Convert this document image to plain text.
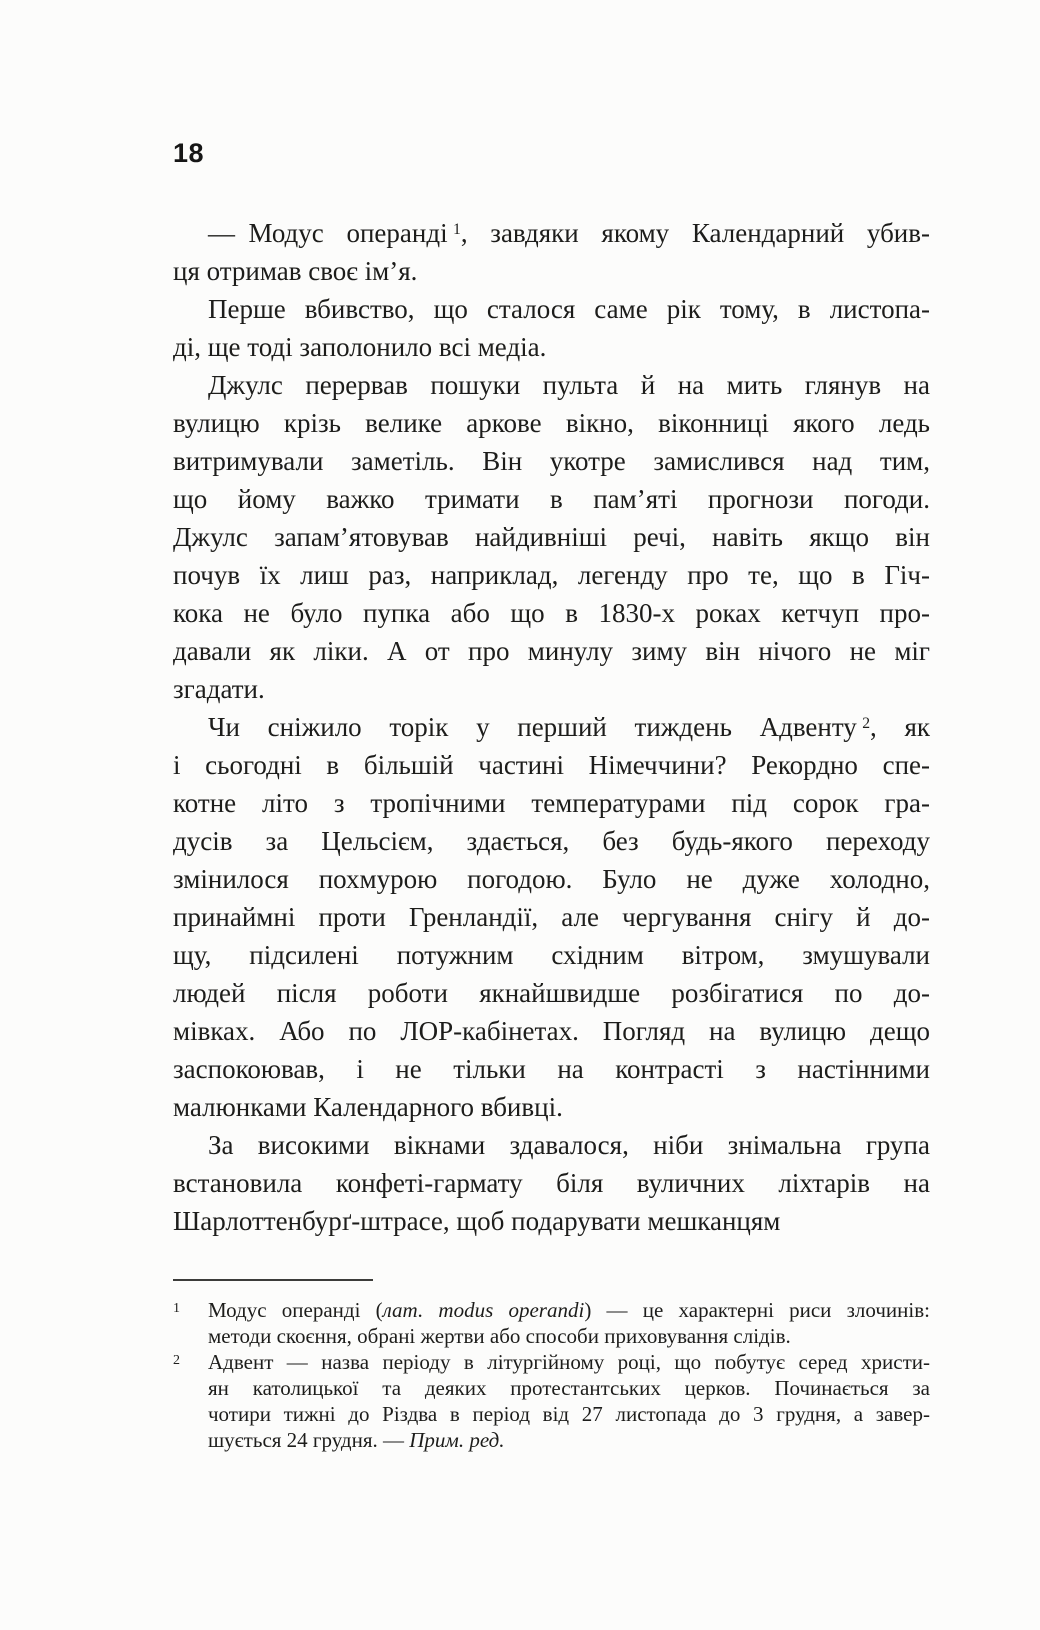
18
— Модус операнді $^1$, завдяки якому Календарний убив-
ця отримав своє ім’я.
Перше вбивство, що сталося саме рік тому, в листопа-
ді, ще тоді заполонило всі медіа.
Джулс перервав пошуки пульта й на мить глянув на
вулицю крізь велике аркове вікно, віконниці якого ледь
витримували заметіль. Він укотре замислився над тим,
що йому важко тримати в пам’яті прогнози погоди.
Джулс запам’ятовував найдивніші речі, навіть якщо він
почув їх лиш раз, наприклад, легенду про те, що в Гіч-
кока не було пупка або що в 1830-х роках кетчуп про-
давали як ліки. А от про минулу зиму він нічого не міг
згадати.
Чи сніжило торік у перший тиждень Адвенту $^2$, як
і сьогодні в більшій частині Німеччини? Рекордно спе-
котне літо з тропічними температурами під сорок гра-
дусів за Цельсієм, здається, без будь-якого переходу
змінилося похмурою погодою. Було не дуже холодно,
принаймні проти Гренландії, але чергування снігу й до-
щу, підсилені потужним східним вітром, змушували
людей після роботи якнайшвидше розбігатися по до-
мівках. Або по ЛОР-кабінетах. Погляд на вулицю дещо
заспокоював, і не тільки на контрасті з настінними
малюнками Календарного вбивці.
За високими вікнами здавалося, ніби знімальна група
встановила конфеті-гармату біля вуличних ліхтарів на
Шарлоттенбурґ-штрасе, щоб подарувати мешканцям
1 Модус операнді (лат. modus operandi) — це характерні риси злочинів:
методи скоєння, обрані жертви або способи приховування слідів.
2 Адвент — назва періоду в літургійному році, що побутує серед христи-
ян католицької та деяких протестантських церков. Починається за
чотири тижні до Різдва в період від 27 листопада до 3 грудня, а завер-
шується 24 грудня. — Прим. ред.
